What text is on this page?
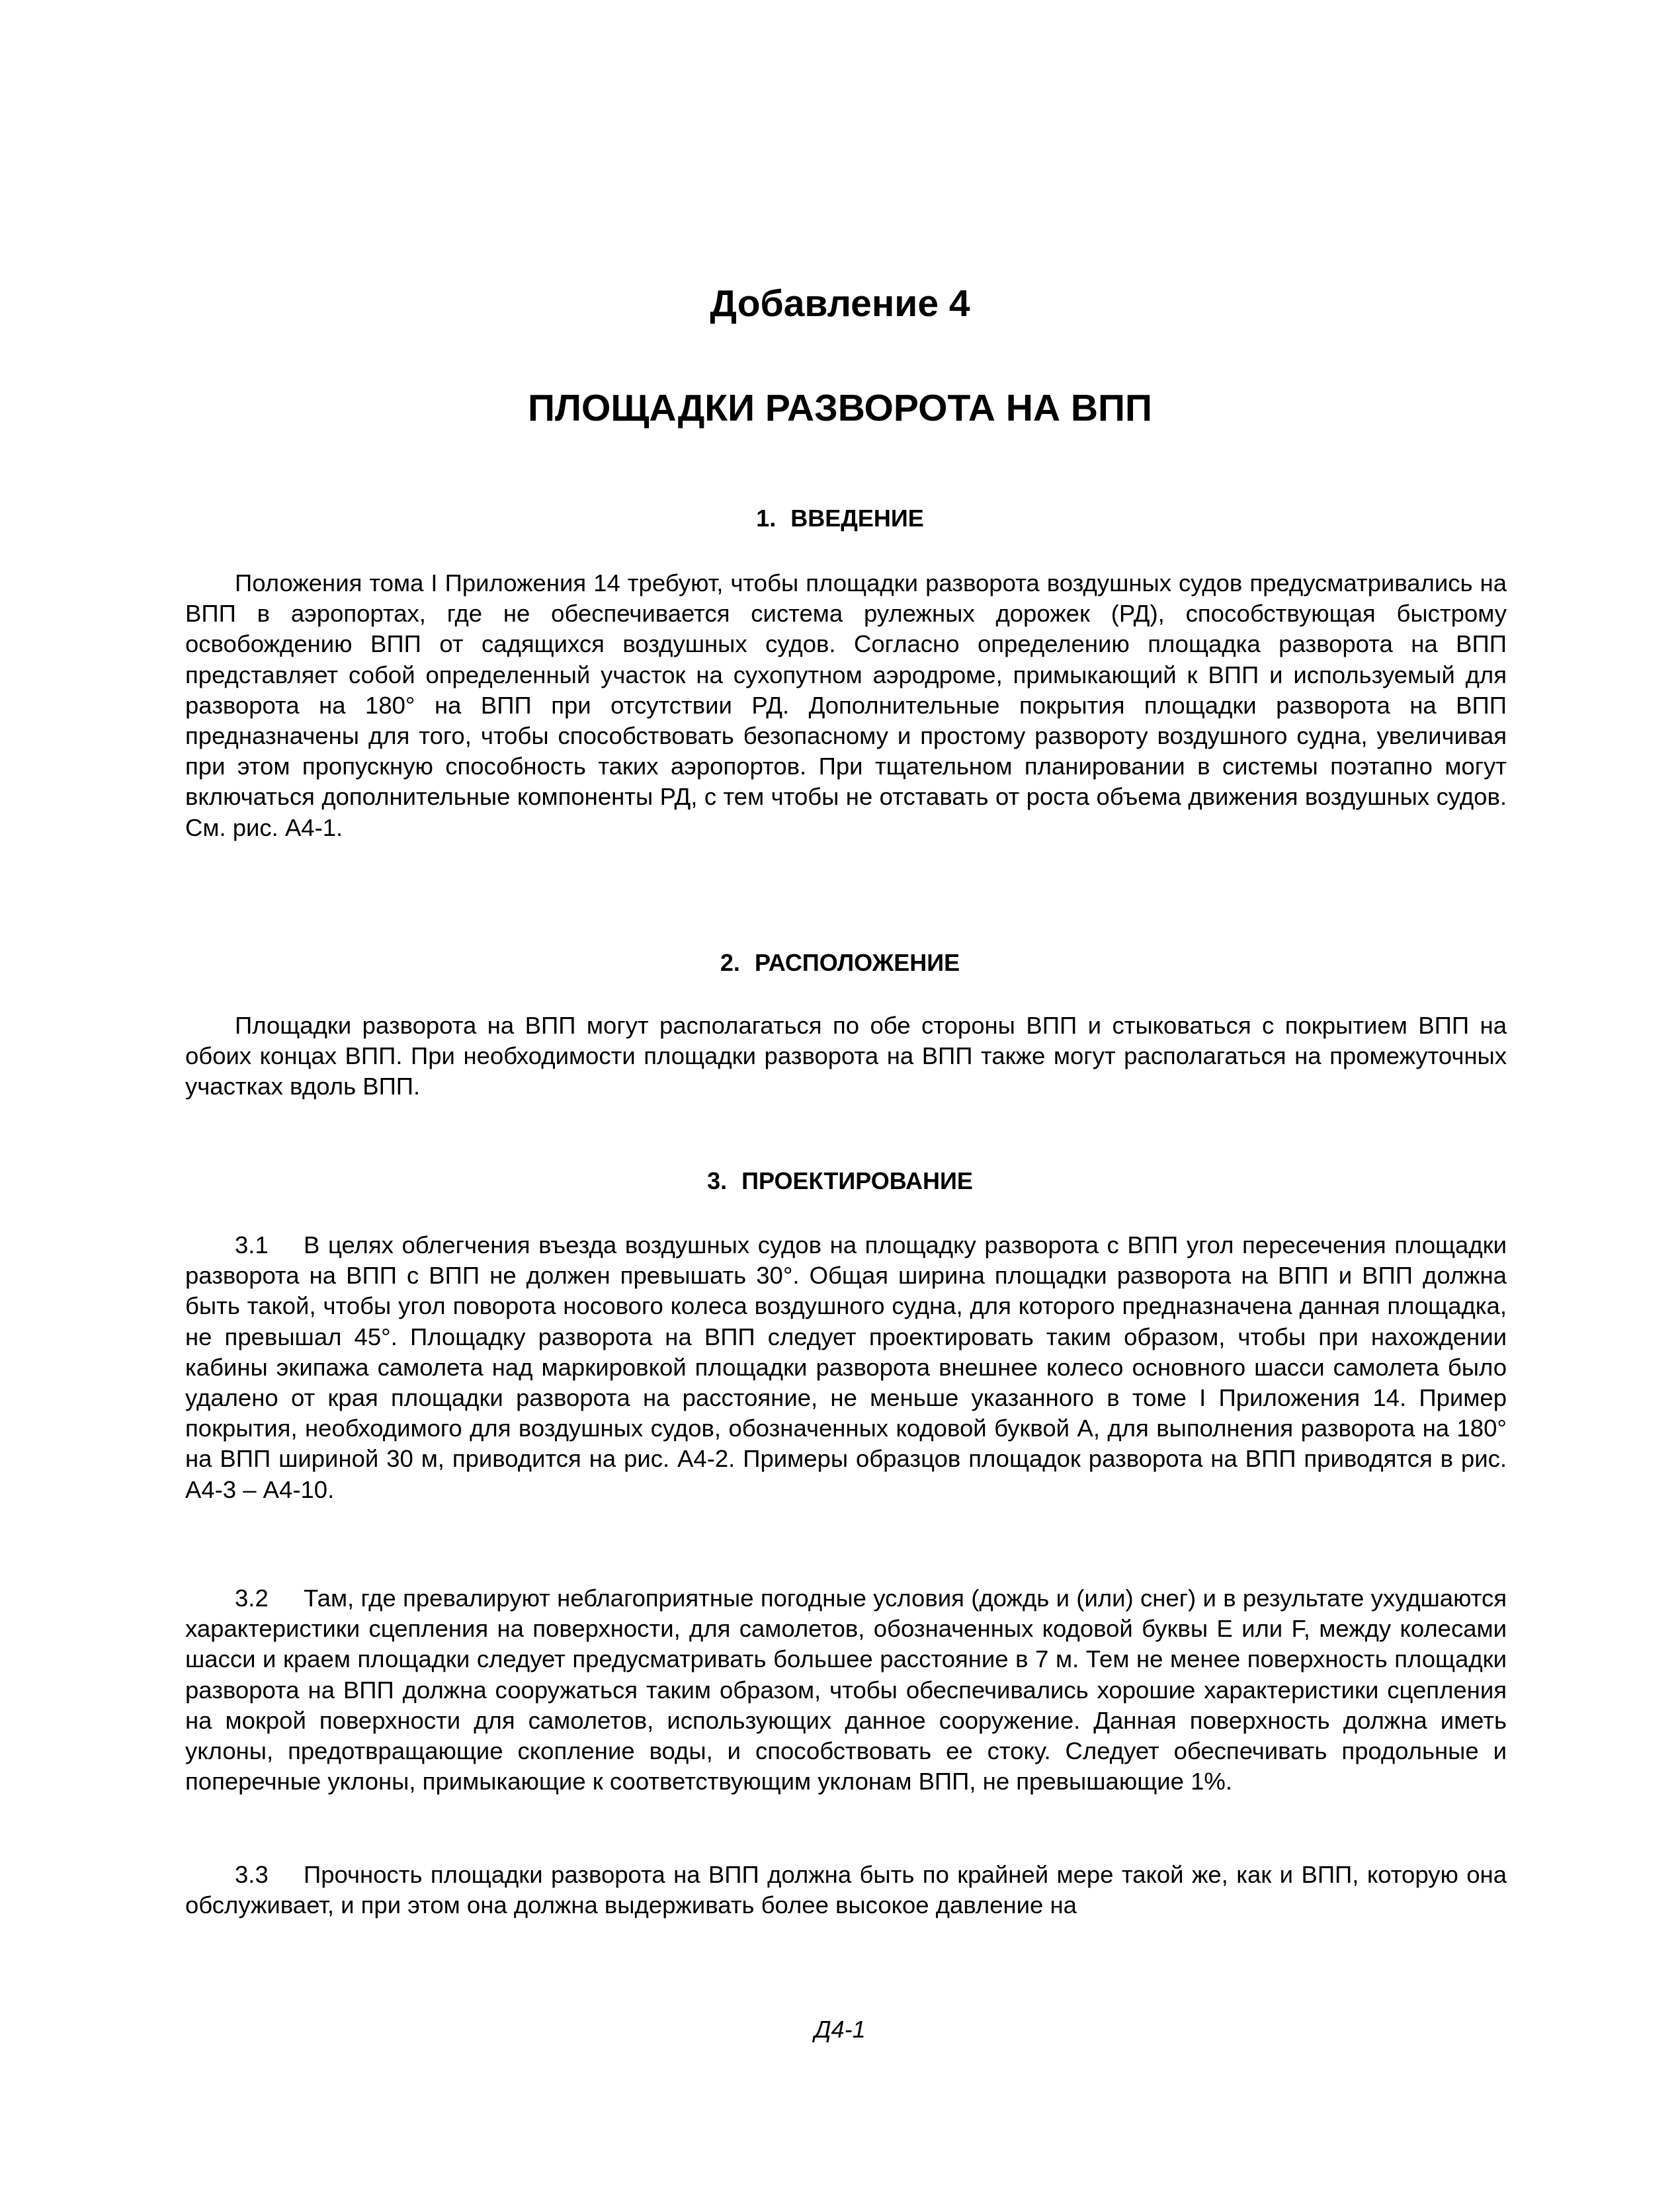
Добавление 4
ПЛОЩАДКИ РАЗВОРОТА НА ВПП
1. ВВЕДЕНИЕ

Положения тома I Приложения 14 требуют, чтобы площадки разворота воздушных судов предусматривались на ВПП в аэропортах, где не обеспечивается система рулежных дорожек (РД), способствующая быстрому освобождению ВПП от садящихся воздушных судов. Согласно определению площадка разворота на ВПП представляет собой определенный участок на сухопутном аэродроме, примыкающий к ВПП и используемый для разворота на 180° на ВПП при отсутствии РД. Дополнительные покрытия площадки разворота на ВПП предназначены для того, чтобы способствовать безопасному и простому развороту воздушного судна, увеличивая при этом пропускную способность таких аэропортов. При тщательном планировании в системы поэтапно могут включаться дополнительные компоненты РД, с тем чтобы не отставать от роста объема движения воздушных судов. См. рис. А4-1.

2. РАСПОЛОЖЕНИЕ

Площадки разворота на ВПП могут располагаться по обе стороны ВПП и стыковаться с покрытием ВПП на обоих концах ВПП. При необходимости площадки разворота на ВПП также могут располагаться на промежуточных участках вдоль ВПП.

3. ПРОЕКТИРОВАНИЕ

3.1 В целях облегчения въезда воздушных судов на площадку разворота с ВПП угол пересечения площадки разворота на ВПП с ВПП не должен превышать 30°. Общая ширина площадки разворота на ВПП и ВПП должна быть такой, чтобы угол поворота носового колеса воздушного судна, для которого предназначена данная площадка, не превышал 45°. Площадку разворота на ВПП следует проектировать таким образом, чтобы при нахождении кабины экипажа самолета над маркировкой площадки разворота внешнее колесо основного шасси самолета было удалено от края площадки разворота на расстояние, не меньше указанного в томе I Приложения 14. Пример покрытия, необходимого для воздушных судов, обозначенных кодовой буквой А, для выполнения разворота на 180° на ВПП шириной 30 м, приводится на рис. А4-2. Примеры образцов площадок разворота на ВПП приводятся в рис. А4-3 – А4-10.

3.2 Там, где превалируют неблагоприятные погодные условия (дождь и (или) снег) и в результате ухудшаются характеристики сцепления на поверхности, для самолетов, обозначенных кодовой буквы E или F, между колесами шасси и краем площадки следует предусматривать большее расстояние в 7 м. Тем не менее поверхность площадки разворота на ВПП должна сооружаться таким образом, чтобы обеспечивались хорошие характеристики сцепления на мокрой поверхности для самолетов, использующих данное сооружение. Данная поверхность должна иметь уклоны, предотвращающие скопление воды, и способствовать ее стоку. Следует обеспечивать продольные и поперечные уклоны, примыкающие к соответствующим уклонам ВПП, не превышающие 1%.

3.3 Прочность площадки разворота на ВПП должна быть по крайней мере такой же, как и ВПП, которую она обслуживает, и при этом она должна выдерживать более высокое давление на

Д4-1
